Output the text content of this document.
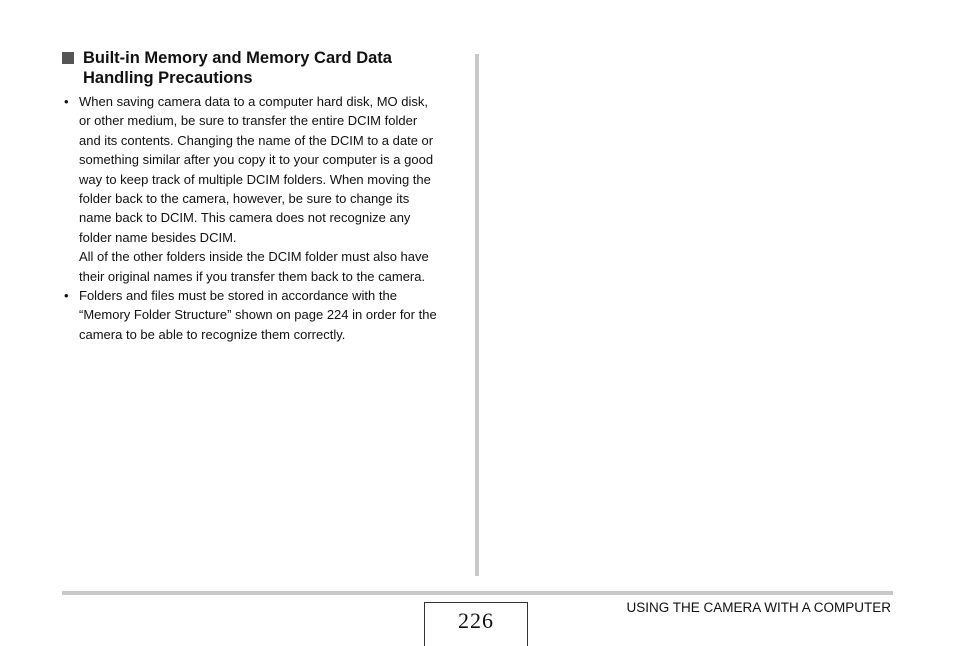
Built-in Memory and Memory Card Data
Handling Precautions
• When saving camera data to a computer hard disk, MO disk,
or other medium, be sure to transfer the entire DCIM folder
and its contents. Changing the name of the DCIM to a date or
something similar after you copy it to your computer is a good
way to keep track of multiple DCIM folders. When moving the
folder back to the camera, however, be sure to change its
name back to DCIM. This camera does not recognize any
folder name besides DCIM.
All of the other folders inside the DCIM folder must also have
their original names if you transfer them back to the camera.
• Folders and files must be stored in accordance with the
“Memory Folder Structure” shown on page 224 in order for the
camera to be able to recognize them correctly.
226
USING THE CAMERA WITH A COMPUTER
